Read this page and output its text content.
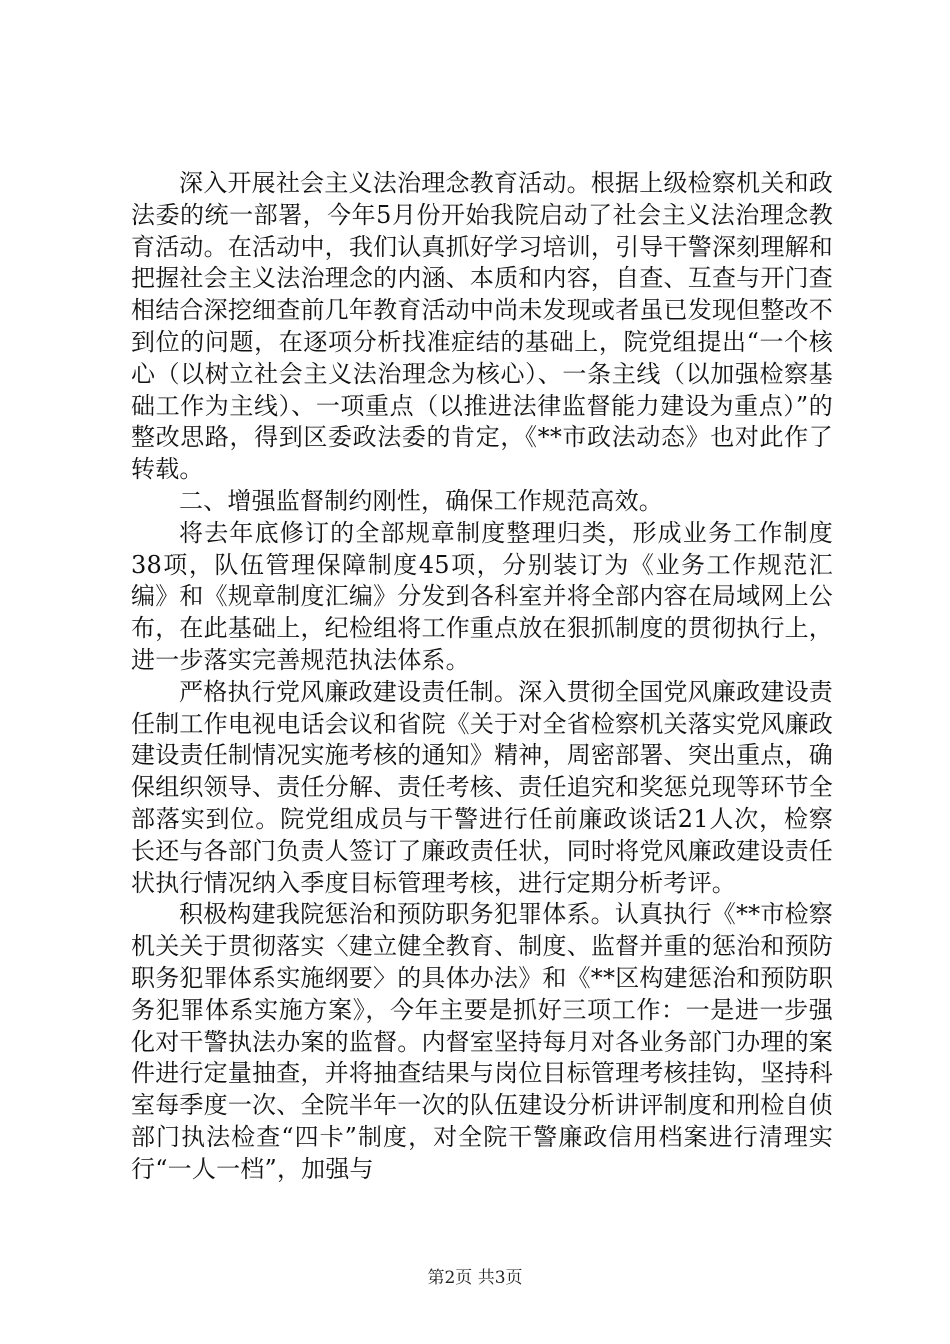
深入开展社会主义法治理念教育活动。根据上级检察机关和政法委的统一部署，今年5月份开始我院启动了社会主义法治理念教育活动。在活动中，我们认真抓好学习培训，引导干警深刻理解和把握社会主义法治理念的内涵、本质和内容，自查、互查与开门查相结合深挖细查前几年教育活动中尚未发现或者虽已发现但整改不到位的问题，在逐项分析找准症结的基础上，院党组提出“一个核心（以树立社会主义法治理念为核心）、一条主线（以加强检察基础工作为主线）、一项重点（以推进法律监督能力建设为重点）”的整改思路，得到区委政法委的肯定，《**市政法动态》也对此作了转载。

二、增强监督制约刚性，确保工作规范高效。

将去年底修订的全部规章制度整理归类，形成业务工作制度38项，队伍管理保障制度45项，分别装订为《业务工作规范汇编》和《规章制度汇编》分发到各科室并将全部内容在局域网上公布，在此基础上，纪检组将工作重点放在狠抓制度的贯彻执行上，进一步落实完善规范执法体系。

严格执行党风廉政建设责任制。深入贯彻全国党风廉政建设责任制工作电视电话会议和省院《关于对全省检察机关落实党风廉政建设责任制情况实施考核的通知》精神，周密部署、突出重点，确保组织领导、责任分解、责任考核、责任追究和奖惩兑现等环节全部落实到位。院党组成员与干警进行任前廉政谈话21人次，检察长还与各部门负责人签订了廉政责任状，同时将党风廉政建设责任状执行情况纳入季度目标管理考核，进行定期分析考评。

积极构建我院惩治和预防职务犯罪体系。认真执行《**市检察机关关于贯彻落实〈建立健全教育、制度、监督并重的惩治和预防职务犯罪体系实施纲要〉的具体办法》和《**区构建惩治和预防职务犯罪体系实施方案》，今年主要是抓好三项工作：一是进一步强化对干警执法办案的监督。内督室坚持每月对各业务部门办理的案件进行定量抽查，并将抽查结果与岗位目标管理考核挂钩，坚持科室每季度一次、全院半年一次的队伍建设分析讲评制度和刑检自侦部门执法检查“四卡”制度，对全院干警廉政信用档案进行清理实行“一人一档”，加强与

第2页 共3页
